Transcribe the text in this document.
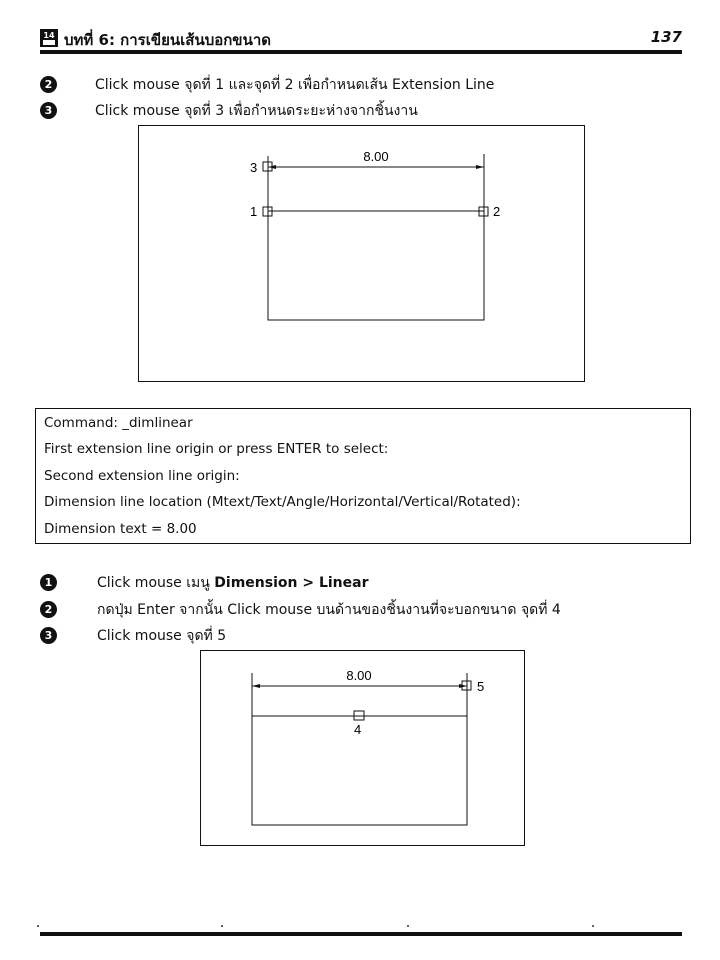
14 บทที่ 6: การเขียนเส้นบอกขนาด	137
2	Click mouse จุดที่ 1 และจุดที่ 2 เพื่อกำหนดเส้น Extension Line
3	Click mouse จุดที่ 3 เพื่อกำหนดระยะห่างจากชิ้นงาน
8.00
3
1	2
Command: _dimlinear
First extension line origin or press ENTER to select:
Second extension line origin:
Dimension line location (Mtext/Text/Angle/Horizontal/Vertical/Rotated):
Dimension text = 8.00
1	Click mouse เมนู Dimension > Linear
2	กดปุ่ม Enter จากนั้น Click mouse บนด้านของชิ้นงานที่จะบอกขนาด จุดที่ 4
3	Click mouse จุดที่ 5
8.00
5
4
